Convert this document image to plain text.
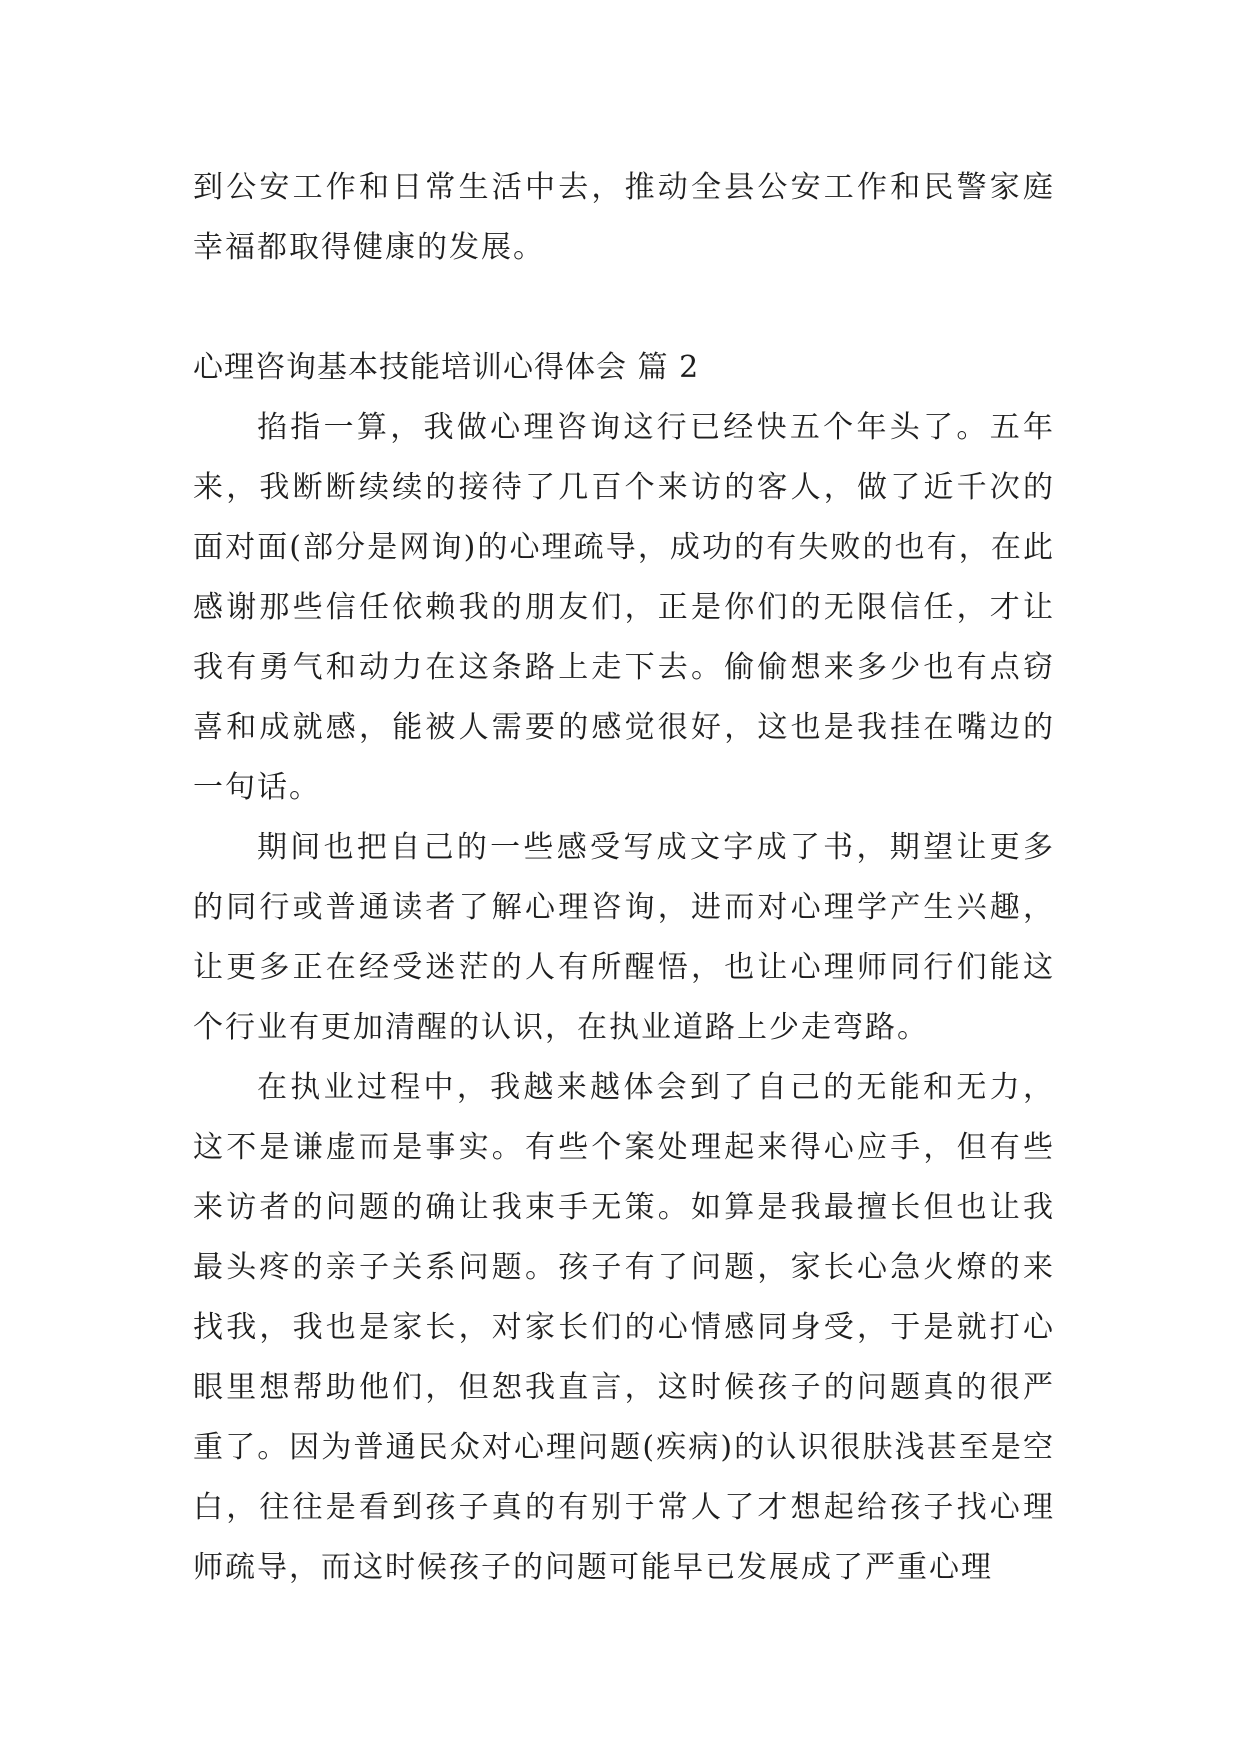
到公安工作和日常生活中去，推动全县公安工作和民警家庭幸福都取得健康的发展。

心理咨询基本技能培训心得体会 篇 2

掐指一算，我做心理咨询这行已经快五个年头了。五年来，我断断续续的接待了几百个来访的客人，做了近千次的面对面(部分是网询)的心理疏导，成功的有失败的也有，在此感谢那些信任依赖我的朋友们，正是你们的无限信任，才让我有勇气和动力在这条路上走下去。偷偷想来多少也有点窃喜和成就感，能被人需要的感觉很好，这也是我挂在嘴边的一句话。

期间也把自己的一些感受写成文字成了书，期望让更多的同行或普通读者了解心理咨询，进而对心理学产生兴趣，让更多正在经受迷茫的人有所醒悟，也让心理师同行们能这个行业有更加清醒的认识，在执业道路上少走弯路。

在执业过程中，我越来越体会到了自己的无能和无力，这不是谦虚而是事实。有些个案处理起来得心应手，但有些来访者的问题的确让我束手无策。如算是我最擅长但也让我最头疼的亲子关系问题。孩子有了问题，家长心急火燎的来找我，我也是家长，对家长们的心情感同身受，于是就打心眼里想帮助他们，但恕我直言，这时候孩子的问题真的很严重了。因为普通民众对心理问题(疾病)的认识很肤浅甚至是空白，往往是看到孩子真的有别于常人了才想起给孩子找心理师疏导，而这时候孩子的问题可能早已发展成了严重心理
